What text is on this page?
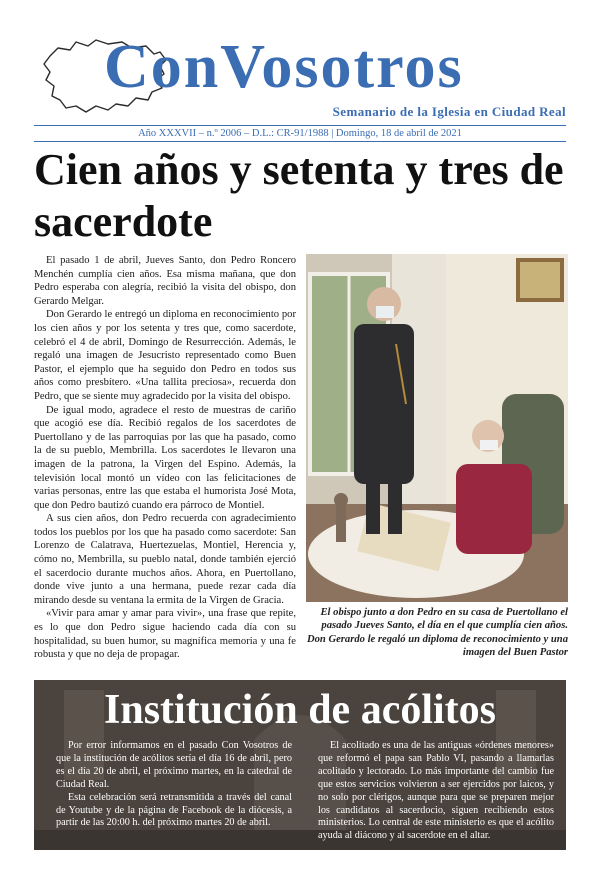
ConVosotros
Semanario de la Iglesia en Ciudad Real
Año XXXVII – n.º 2006 – D.L.: CR-91/1988 | Domingo, 18 de abril de 2021
Cien años y setenta y tres de sacerdote

El pasado 1 de abril, Jueves Santo, don Pedro Roncero Menchén cumplía cien años. Esa misma mañana, que don Pedro esperaba con alegría, recibió la visita del obispo, don Gerardo Melgar.

Don Gerardo le entregó un diploma en reconocimiento por los cien años y por los setenta y tres que, como sacerdote, celebró el 4 de abril, Domingo de Resurrección. Además, le regaló una imagen de Jesucristo representado como Buen Pastor, el ejemplo que ha seguido don Pedro en todos sus años como presbítero. «Una tallita preciosa», recuerda don Pedro, que se siente muy agradecido por la visita del obispo.

De igual modo, agradece el resto de muestras de cariño que acogió ese día. Recibió regalos de los sacerdotes de Puertollano y de las parroquias por las que ha pasado, como la de su pueblo, Membrilla. Los sacerdotes le llevaron una imagen de la patrona, la Virgen del Espino. Además, la televisión local montó un vídeo con las felicitaciones de varias personas, entre las que estaba el humorista José Mota, que don Pedro bautizó cuando era párroco de Montiel.

A sus cien años, don Pedro recuerda con agradecimiento todos los pueblos por los que ha pasado como sacerdote: San Lorenzo de Calatrava, Huertezuelas, Montiel, Herencia y, cómo no, Membrilla, su pueblo natal, donde también ejerció el sacerdocio durante muchos años. Ahora, en Puertollano, donde vive junto a una hermana, puede rezar cada día mirando desde su ventana la ermita de la Virgen de Gracia.

«Vivir para amar y amar para vivir», una frase que repite, es lo que don Pedro sigue haciendo cada día con su hospitalidad, su buen humor, su magnífica memoria y una fe robusta y que no deja de propagar.

El obispo junto a don Pedro en su casa de Puertollano el pasado Jueves Santo, el día en el que cumplía cien años. Don Gerardo le regaló un diploma de reconocimiento y una imagen del Buen Pastor

Institución de acólitos

Por error informamos en el pasado Con Vosotros de que la institución de acólitos sería el día 16 de abril, pero es el día 20 de abril, el próximo martes, en la catedral de Ciudad Real.

Esta celebración será retransmitida a través del canal de Youtube y de la página de Facebook de la diócesis, a partir de las 20:00 h. del próximo martes 20 de abril.

El acolitado es una de las antiguas «órdenes menores» que reformó el papa san Pablo VI, pasando a llamarlas acolitado y lectorado. Lo más importante del cambio fue que estos servicios volvieron a ser ejercidos por laicos, y no solo por clérigos, aunque para que se preparen mejor los candidatos al sacerdocio, siguen recibiendo estos ministerios. Lo central de este ministerio es que el acólito ayuda al diácono y al sacerdote en el altar.
